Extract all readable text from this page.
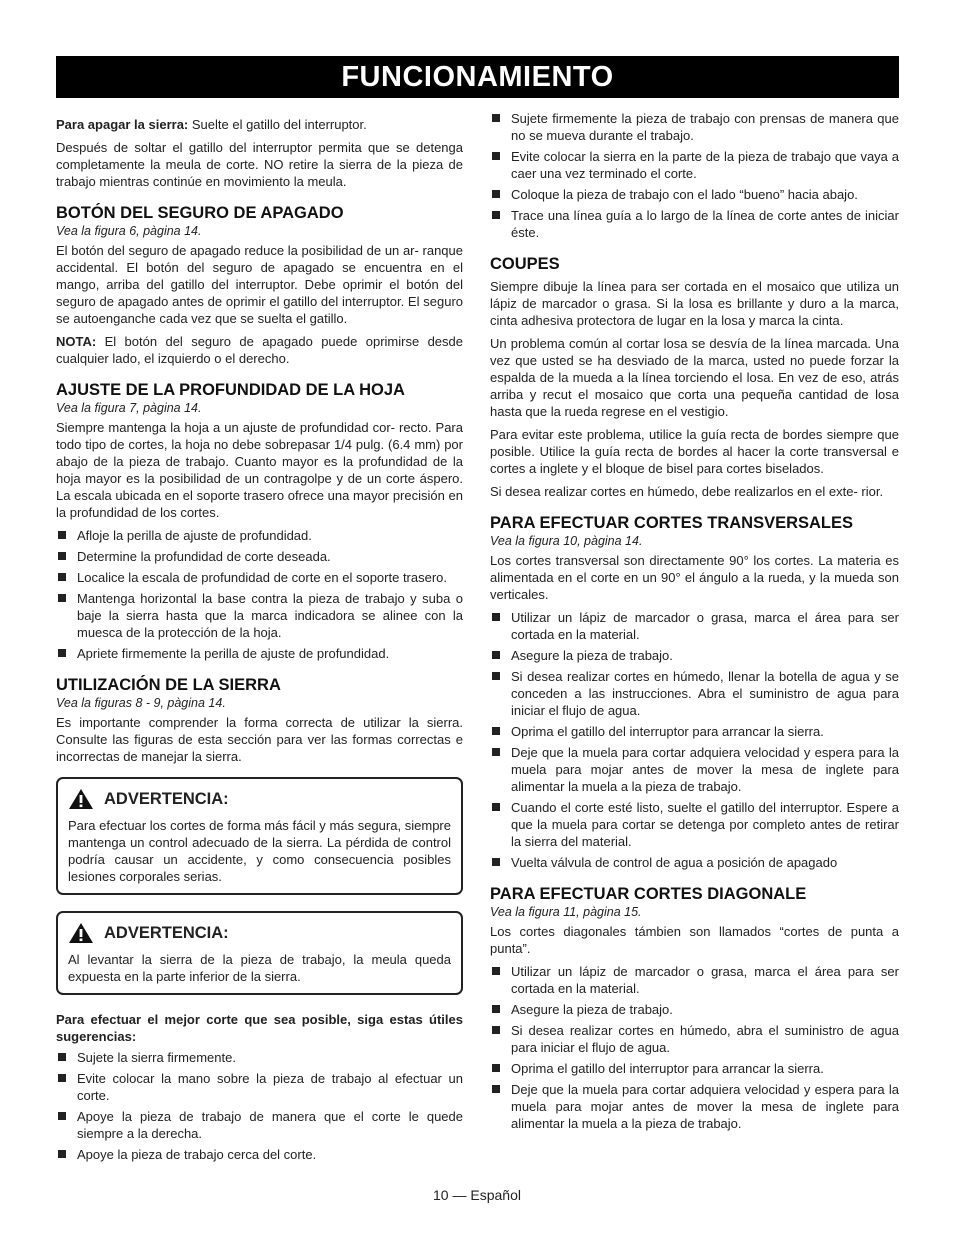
FUNCIONAMIENTO

Para apagar la sierra: Suelte el gatillo del interruptor.

Después de soltar el gatillo del interruptor permita que se detenga completamente la meula de corte. NO retire la sierra de la pieza de trabajo mientras continúe en movimiento la meula.

BOTÓN DEL SEGURO DE APAGADO
Vea la figura 6, pàgina 14.

El botón del seguro de apagado reduce la posibilidad de un ar- ranque accidental. El botón del seguro de apagado se encuentra en el mango, arriba del gatillo del interruptor. Debe oprimir el botón del seguro de apagado antes de oprimir el gatillo del interruptor. El seguro se autoenganche cada vez que se suelta el gatillo.

NOTA: El botón del seguro de apagado puede oprimirse desde cualquier lado, el izquierdo o el derecho.

AJUSTE DE LA PROFUNDIDAD DE LA HOJA
Vea la figura 7, pàgina 14.

Siempre mantenga la hoja a un ajuste de profundidad cor- recto. Para todo tipo de cortes, la hoja no debe sobrepasar 1/4 pulg. (6.4 mm) por abajo de la pieza de trabajo. Cuanto mayor es la profundidad de la hoja mayor es la posibilidad de un contragolpe y de un corte áspero. La escala ubicada en el soporte trasero ofrece una mayor precisión en la profundidad de los cortes.

Afloje la perilla de ajuste de profundidad.
Determine la profundidad de corte deseada.
Localice la escala de profundidad de corte en el soporte trasero.
Mantenga horizontal la base contra la pieza de trabajo y suba o baje la sierra hasta que la marca indicadora se alinee con la muesca de la protección de la hoja.
Apriete firmemente la perilla de ajuste de profundidad.
UTILIZACIÓN DE LA SIERRA
Vea la figuras 8 - 9, pàgina 14.

Es importante comprender la forma correcta de utilizar la sierra. Consulte las figuras de esta sección para ver las formas correctas e incorrectas de manejar la sierra.

ADVERTENCIA:

Para efectuar los cortes de forma más fácil y más segura, siempre mantenga un control adecuado de la sierra. La pérdida de control podría causar un accidente, y como consecuencia posibles lesiones corporales serias.

ADVERTENCIA:

Al levantar la sierra de la pieza de trabajo, la meula queda expuesta en la parte inferior de la sierra.

Para efectuar el mejor corte que sea posible, siga estas útiles sugerencias:

Sujete la sierra firmemente.
Evite colocar la mano sobre la pieza de trabajo al efectuar un corte.
Apoye la pieza de trabajo de manera que el corte le quede siempre a la derecha.
Apoye la pieza de trabajo cerca del corte.
Sujete firmemente la pieza de trabajo con prensas de manera que no se mueva durante el trabajo.
Evite colocar la sierra en la parte de la pieza de trabajo que vaya a caer una vez terminado el corte.
Coloque la pieza de trabajo con el lado “bueno” hacia abajo.
Trace una línea guía a lo largo de la línea de corte antes de iniciar éste.
COUPES

Siempre dibuje la línea para ser cortada en el mosaico que utiliza un lápiz de marcador o grasa. Si la losa es brillante y duro a la marca, cinta adhesiva protectora de lugar en la losa y marca la cinta.

Un problema común al cortar losa se desvía de la línea marcada. Una vez que usted se ha desviado de la marca, usted no puede forzar la espalda de la mueda a la línea torciendo el losa. En vez de eso, atrás arriba y recut el mosaico que corta una pequeña cantidad de losa hasta que la rueda regrese en el vestigio.

Para evitar este problema, utilice la guía recta de bordes siempre que posible. Utilice la guía recta de bordes al hacer la corte transversal e cortes a inglete y el bloque de bisel para cortes biselados.

Si desea realizar cortes en húmedo, debe realizarlos en el exte- rior.

PARA EFECTUAR CORTES TRANSVERSALES
Vea la figura 10, pàgina 14.

Los cortes transversal son directamente 90° los cortes. La materia es alimentada en el corte en un 90° el ángulo a la rueda, y la mueda son verticales.

Utilizar un lápiz de marcador o grasa, marca el área para ser cortada en la material.
Asegure la pieza de trabajo.
Si desea realizar cortes en húmedo, llenar la botella de agua y se conceden a las instrucciones. Abra el suministro de agua para iniciar el flujo de agua.
Oprima el gatillo del interruptor para arrancar la sierra.
Deje que la muela para cortar adquiera velocidad y espera para la muela para mojar antes de mover la mesa de inglete para alimentar la muela a la pieza de trabajo.
Cuando el corte esté listo, suelte el gatillo del interruptor. Espere a que la muela para cortar se detenga por completo antes de retirar la sierra del material.
Vuelta válvula de control de agua a posición de apagado
PARA EFECTUAR CORTES DIAGONALE
Vea la figura 11, pàgina 15.

Los cortes diagonales támbien son llamados “cortes de punta a punta”.

Utilizar un lápiz de marcador o grasa, marca el área para ser cortada en la material.
Asegure la pieza de trabajo.
Si desea realizar cortes en húmedo, abra el suministro de agua para iniciar el flujo de agua.
Oprima el gatillo del interruptor para arrancar la sierra.
Deje que la muela para cortar adquiera velocidad y espera para la muela para mojar antes de mover la mesa de inglete para alimentar la muela a la pieza de trabajo.
10 — Español
